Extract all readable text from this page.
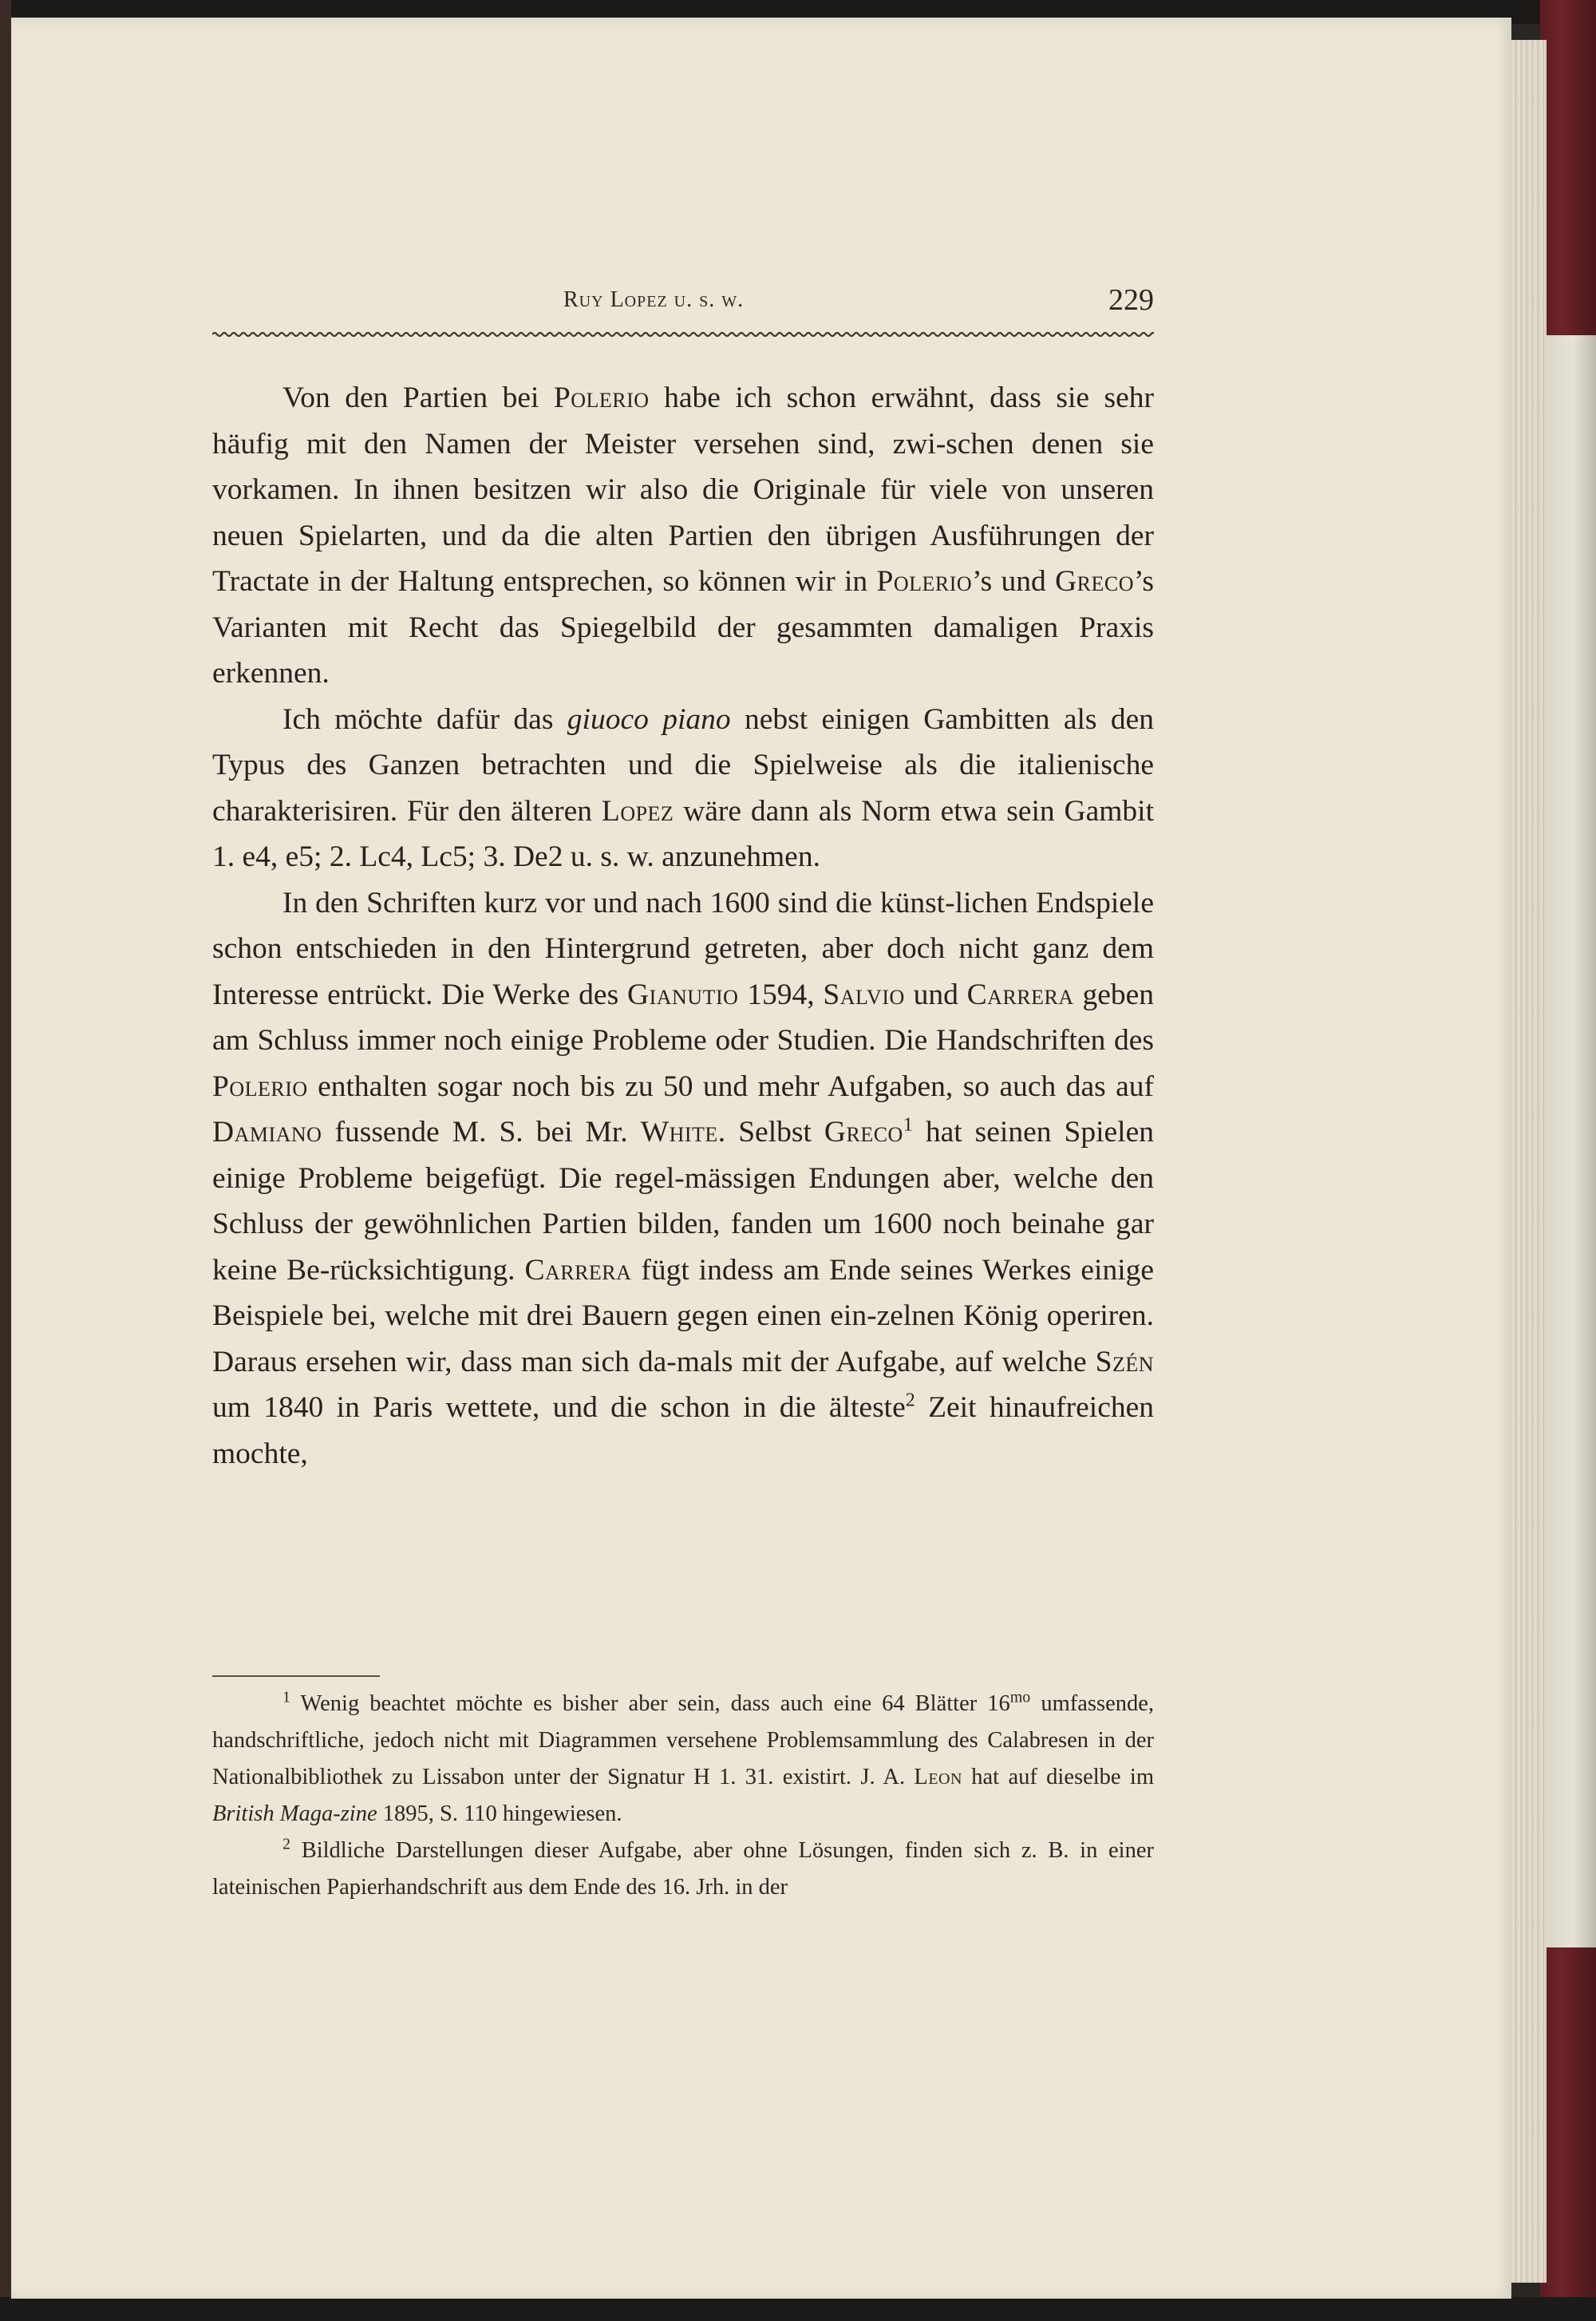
Ruy Lopez u. s. w.	229

Von den Partien bei Polerio habe ich schon erwähnt, dass sie sehr häufig mit den Namen der Meister versehen sind, zwi-schen denen sie vorkamen. In ihnen besitzen wir also die Originale für viele von unseren neuen Spielarten, und da die alten Partien den übrigen Ausführungen der Tractate in der Haltung entsprechen, so können wir in Polerio’s und Greco’s Varianten mit Recht das Spiegelbild der gesammten damaligen Praxis erkennen.

Ich möchte dafür das giuoco piano nebst einigen Gambitten als den Typus des Ganzen betrachten und die Spielweise als die italienische charakterisiren. Für den älteren Lopez wäre dann als Norm etwa sein Gambit 1. e4, e5; 2. Lc4, Lc5; 3. De2 u. s. w. anzunehmen.

In den Schriften kurz vor und nach 1600 sind die künst-lichen Endspiele schon entschieden in den Hintergrund getreten, aber doch nicht ganz dem Interesse entrückt. Die Werke des Gianutio 1594, Salvio und Carrera geben am Schluss immer noch einige Probleme oder Studien. Die Handschriften des Polerio enthalten sogar noch bis zu 50 und mehr Aufgaben, so auch das auf Damiano fussende M. S. bei Mr. White. Selbst Greco$^1$ hat seinen Spielen einige Probleme beigefügt. Die regel-mässigen Endungen aber, welche den Schluss der gewöhnlichen Partien bilden, fanden um 1600 noch beinahe gar keine Be-rücksichtigung. Carrera fügt indess am Ende seines Werkes einige Beispiele bei, welche mit drei Bauern gegen einen ein-zelnen König operiren. Daraus ersehen wir, dass man sich da-mals mit der Aufgabe, auf welche Szén um 1840 in Paris wettete, und die schon in die älteste$^2$ Zeit hinaufreichen mochte,

$^1$ Wenig beachtet möchte es bisher aber sein, dass auch eine 64 Blätter $16^{mo}$ umfassende, handschriftliche, jedoch nicht mit Diagrammen versehene Problemsammlung des Calabresen in der Nationalbibliothek zu Lissabon unter der Signatur H 1. 31. existirt. J. A. Leon hat auf dieselbe im British Maga-zine 1895, S. 110 hingewiesen.

$^2$ Bildliche Darstellungen dieser Aufgabe, aber ohne Lösungen, finden sich z. B. in einer lateinischen Papierhandschrift aus dem Ende des 16. Jrh. in der
